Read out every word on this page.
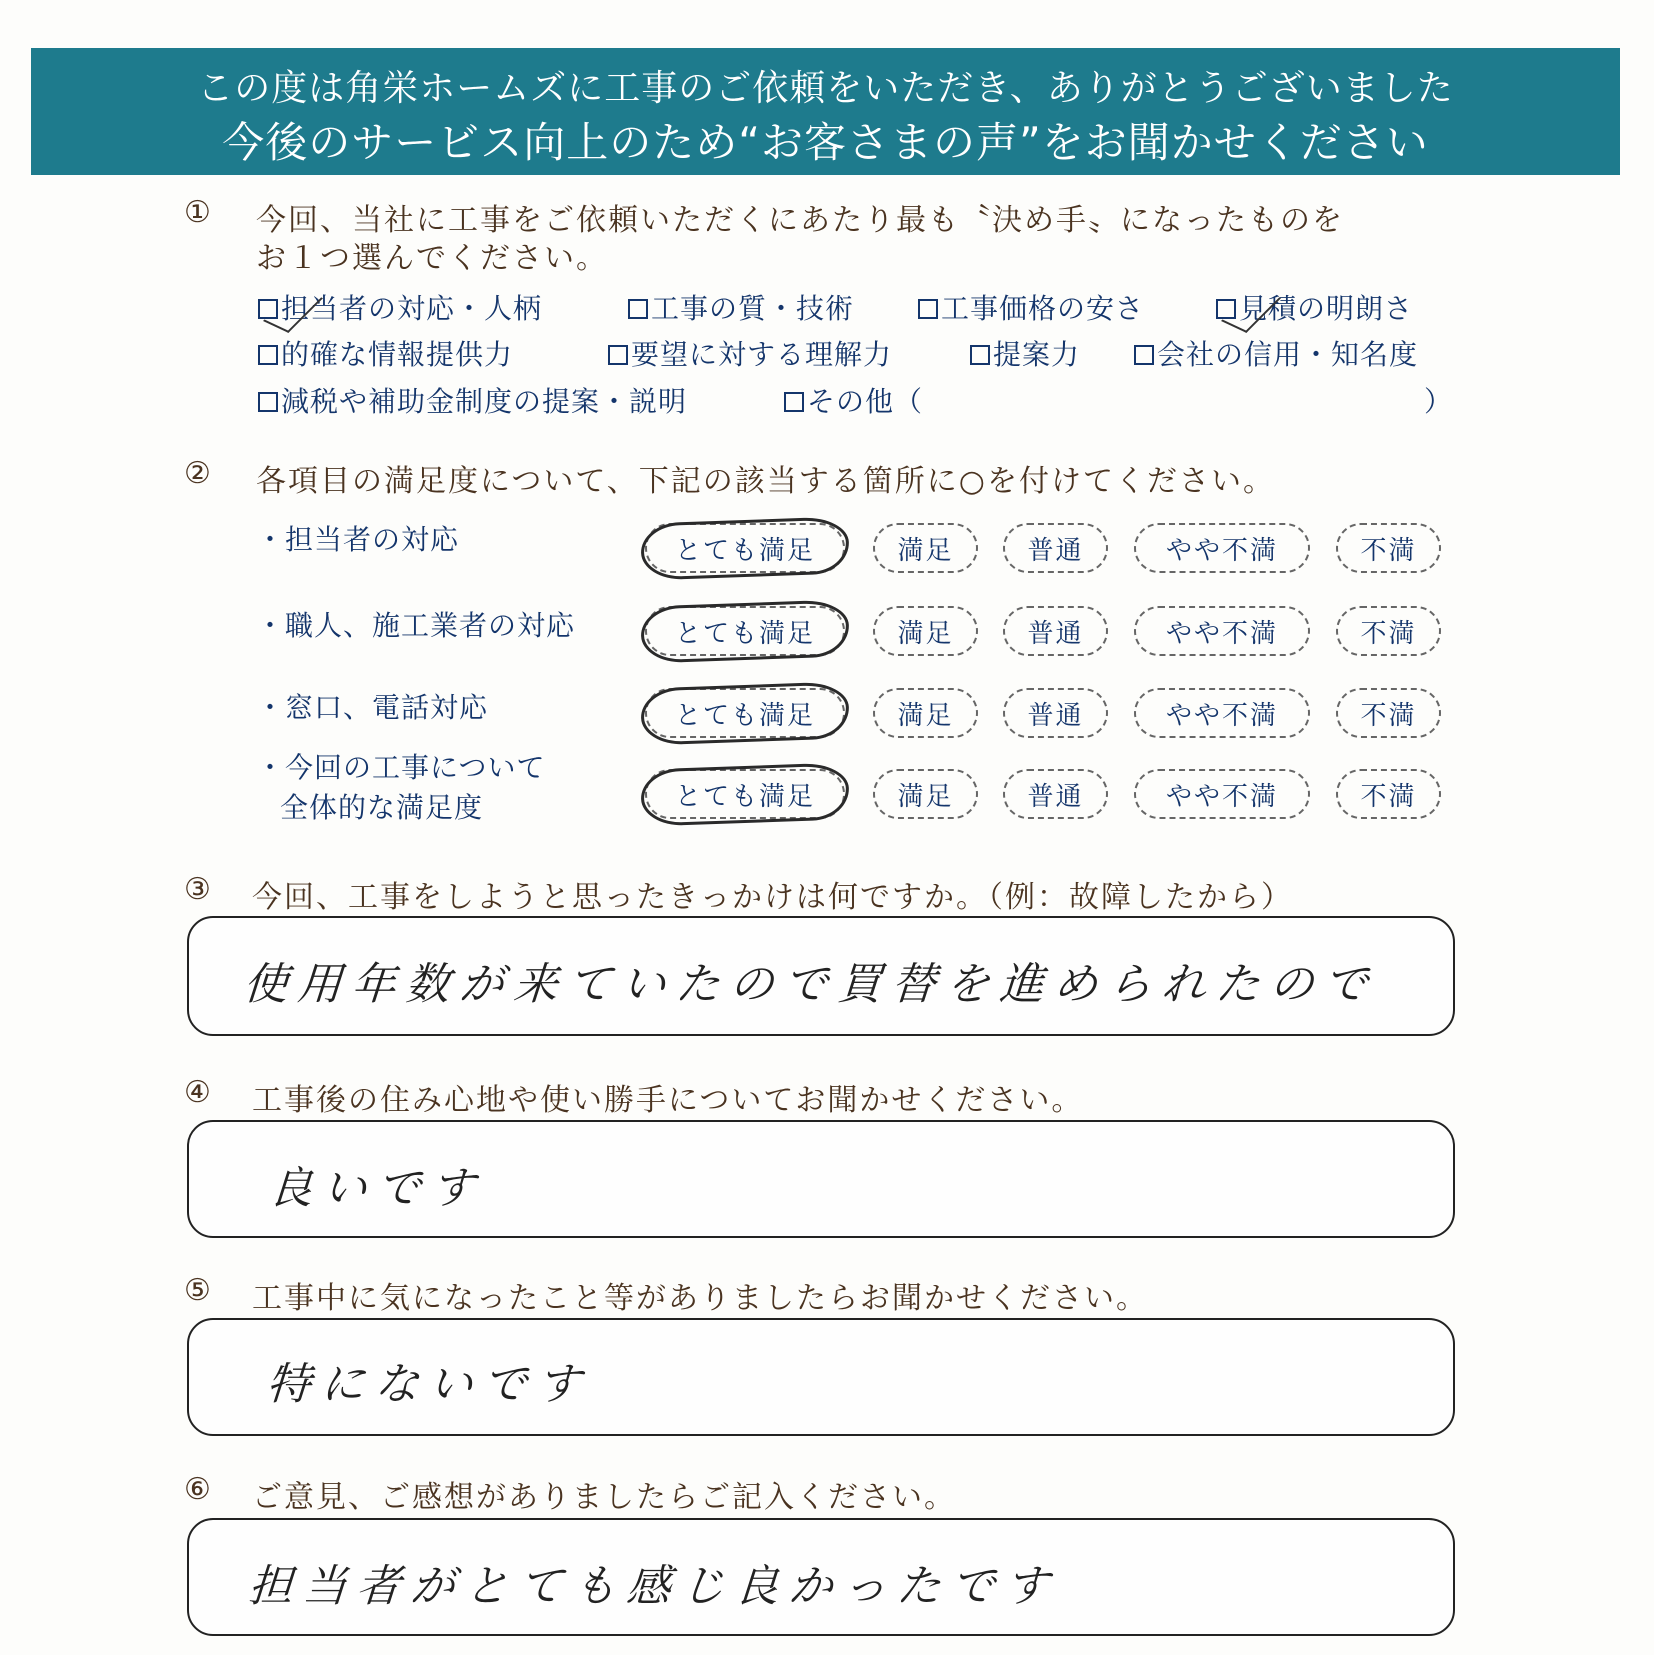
この度は角栄ホームズに工事のご依頼をいただき、ありがとうございました
今後のサービス向上のため“お客さまの声”をお聞かせください
① 今回、当社に工事をご依頼いただくにあたり最も〝決め手〟になったものを
お１つ選んでください。
担当者の対応・人柄	工事の質・技術	工事価格の安さ	見積の明朗さ
的確な情報提供力	要望に対する理解力	提案力	会社の信用・知名度
減税や補助金制度の提案・説明	その他（	）
② 各項目の満足度について、下記の該当する箇所に○を付けてください。
・担当者の対応	とても満足	満足	普通	やや不満	不満
・職人、施工業者の対応	とても満足	満足	普通	やや不満	不満
・窓口、電話対応	とても満足	満足	普通	やや不満	不満
・今回の工事について
全体的な満足度	とても満足	満足	普通	やや不満	不満
③ 今回、工事をしようと思ったきっかけは何ですか。（例：故障したから）
使用年数が来ていたので買替を進められたので
④ 工事後の住み心地や使い勝手についてお聞かせください。
良いです
⑤ 工事中に気になったこと等がありましたらお聞かせください。
特にないです
⑥ ご意見、ご感想がありましたらご記入ください。
担当者がとても感じ良かったです
